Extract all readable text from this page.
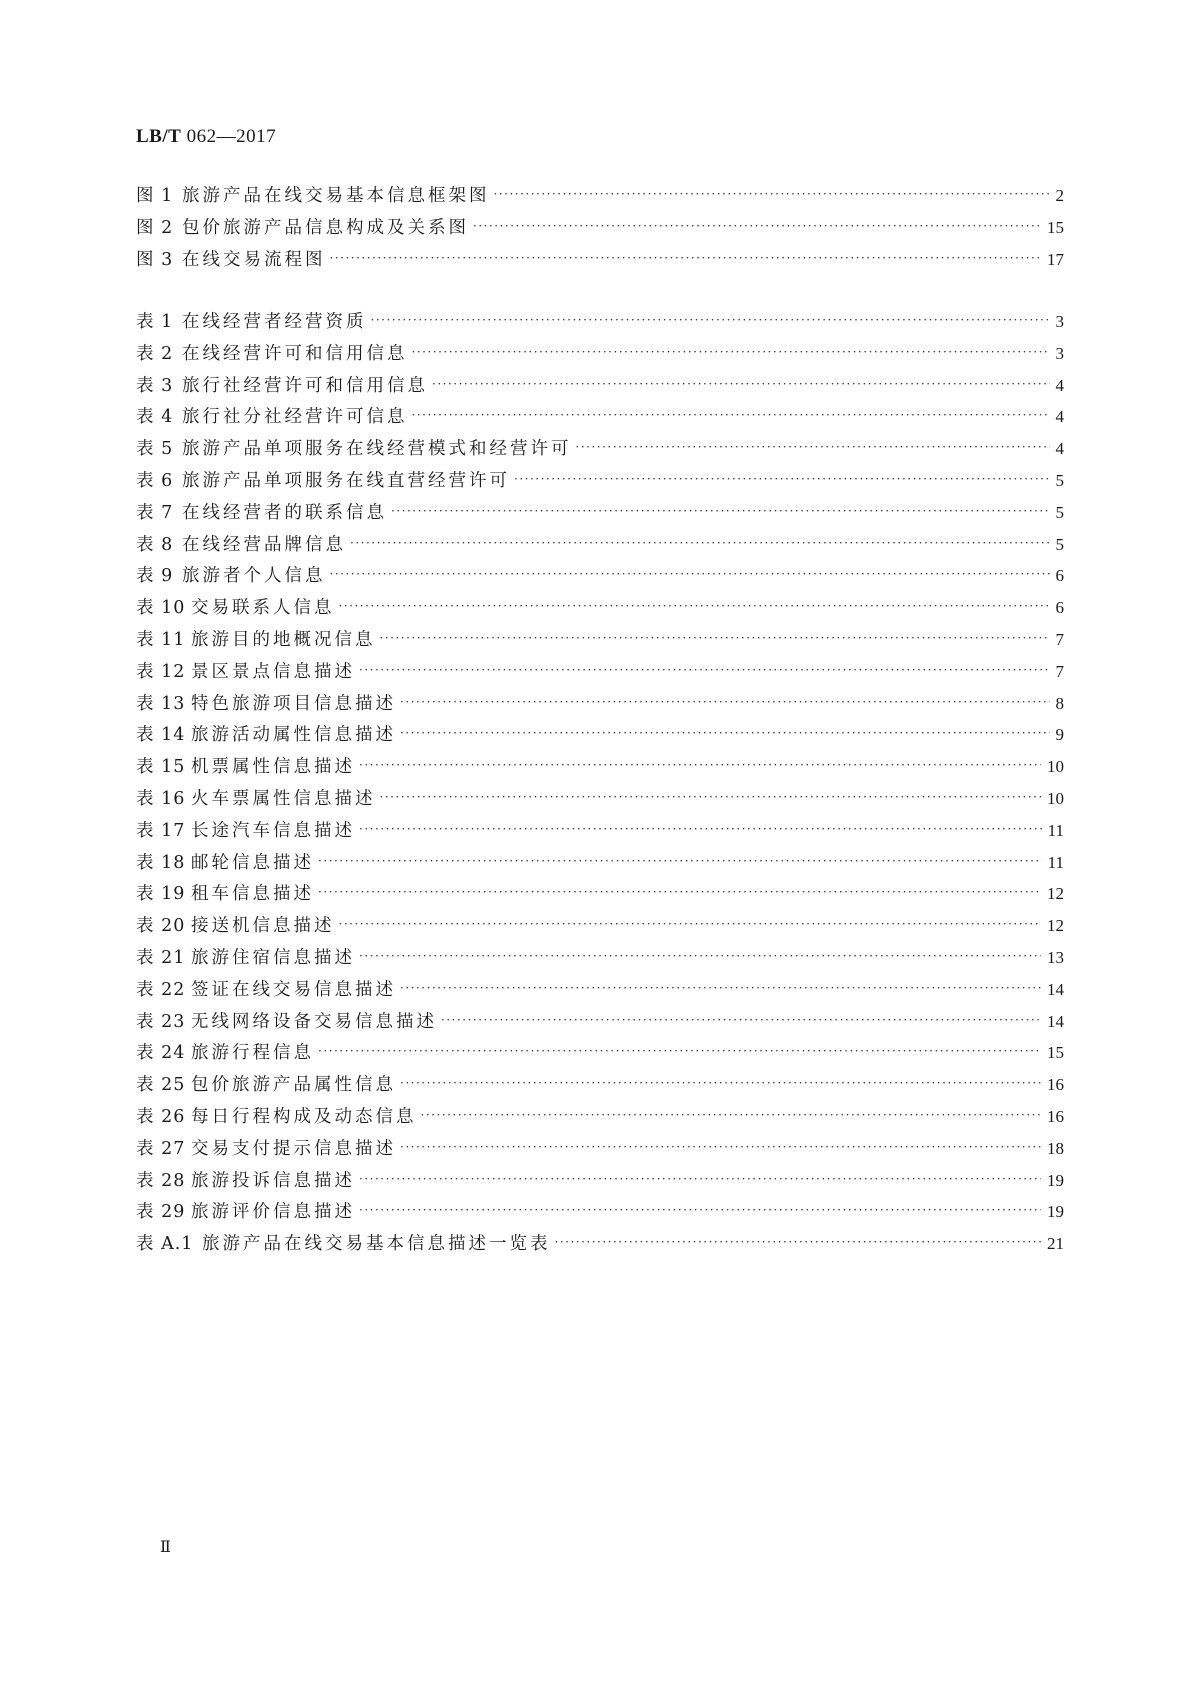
LB/T 062—2017
图 1 旅游产品在线交易基本信息框架图 ·····	2
图 2 包价旅游产品信息构成及关系图 ·····	15
图 3 在线交易流程图 ·····	17
表 1 在线经营者经营资质 ·····	3
表 2 在线经营许可和信用信息 ·····	3
表 3 旅行社经营许可和信用信息 ·····	4
表 4 旅行社分社经营许可信息 ·····	4
表 5 旅游产品单项服务在线经营模式和经营许可 ·····	4
表 6 旅游产品单项服务在线直营经营许可 ·····	5
表 7 在线经营者的联系信息 ·····	5
表 8 在线经营品牌信息 ·····	5
表 9 旅游者个人信息 ·····	6
表 10 交易联系人信息 ·····	6
表 11 旅游目的地概况信息 ·····	7
表 12 景区景点信息描述 ·····	7
表 13 特色旅游项目信息描述 ·····	8
表 14 旅游活动属性信息描述 ·····	9
表 15 机票属性信息描述 ·····	10
表 16 火车票属性信息描述 ·····	10
表 17 长途汽车信息描述 ·····	11
表 18 邮轮信息描述 ·····	11
表 19 租车信息描述 ·····	12
表 20 接送机信息描述 ·····	12
表 21 旅游住宿信息描述 ·····	13
表 22 签证在线交易信息描述 ·····	14
表 23 无线网络设备交易信息描述 ·····	14
表 24 旅游行程信息 ·····	15
表 25 包价旅游产品属性信息 ·····	16
表 26 每日行程构成及动态信息 ·····	16
表 27 交易支付提示信息描述 ·····	18
表 28 旅游投诉信息描述 ·····	19
表 29 旅游评价信息描述 ·····	19
表 A.1 旅游产品在线交易基本信息描述一览表 ·····	21
Ⅱ
